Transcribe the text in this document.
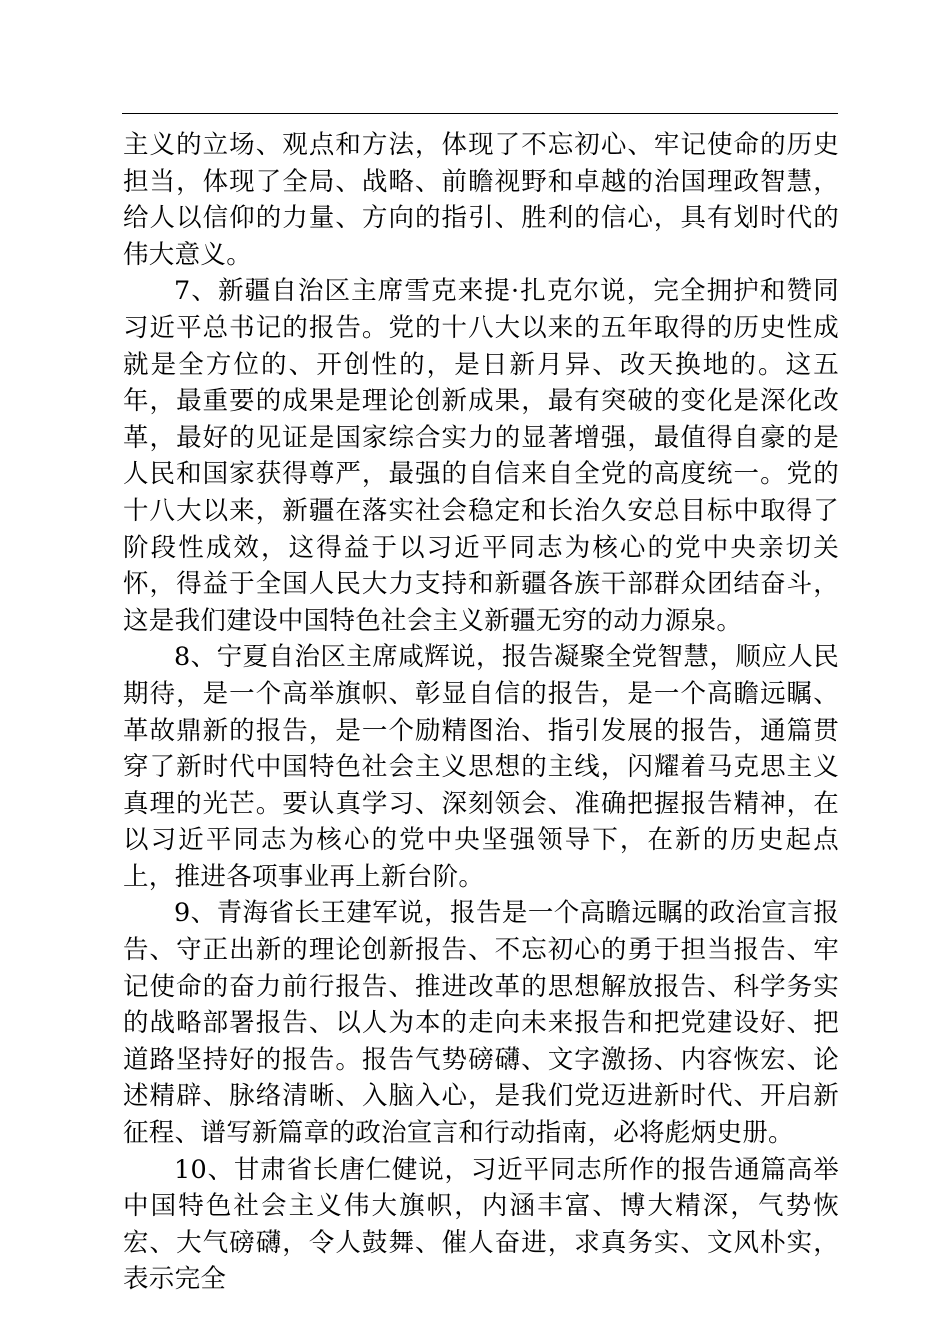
主义的立场、观点和方法，体现了不忘初心、牢记使命的历史担当，体现了全局、战略、前瞻视野和卓越的治国理政智慧，给人以信仰的力量、方向的指引、胜利的信心，具有划时代的伟大意义。

7、新疆自治区主席雪克来提·扎克尔说，完全拥护和赞同习近平总书记的报告。党的十八大以来的五年取得的历史性成就是全方位的、开创性的，是日新月异、改天换地的。这五年，最重要的成果是理论创新成果，最有突破的变化是深化改革，最好的见证是国家综合实力的显著增强，最值得自豪的是人民和国家获得尊严，最强的自信来自全党的高度统一。党的十八大以来，新疆在落实社会稳定和长治久安总目标中取得了阶段性成效，这得益于以习近平同志为核心的党中央亲切关怀，得益于全国人民大力支持和新疆各族干部群众团结奋斗，这是我们建设中国特色社会主义新疆无穷的动力源泉。

8、宁夏自治区主席咸辉说，报告凝聚全党智慧，顺应人民期待，是一个高举旗帜、彰显自信的报告，是一个高瞻远瞩、革故鼎新的报告，是一个励精图治、指引发展的报告，通篇贯穿了新时代中国特色社会主义思想的主线，闪耀着马克思主义真理的光芒。要认真学习、深刻领会、准确把握报告精神，在以习近平同志为核心的党中央坚强领导下，在新的历史起点上，推进各项事业再上新台阶。

9、青海省长王建军说，报告是一个高瞻远瞩的政治宣言报告、守正出新的理论创新报告、不忘初心的勇于担当报告、牢记使命的奋力前行报告、推进改革的思想解放报告、科学务实的战略部署报告、以人为本的走向未来报告和把党建设好、把道路坚持好的报告。报告气势磅礴、文字激扬、内容恢宏、论述精辟、脉络清晰、入脑入心，是我们党迈进新时代、开启新征程、谱写新篇章的政治宣言和行动指南，必将彪炳史册。

10、甘肃省长唐仁健说，习近平同志所作的报告通篇高举中国特色社会主义伟大旗帜，内涵丰富、博大精深，气势恢宏、大气磅礴，令人鼓舞、催人奋进，求真务实、文风朴实，表示完全
